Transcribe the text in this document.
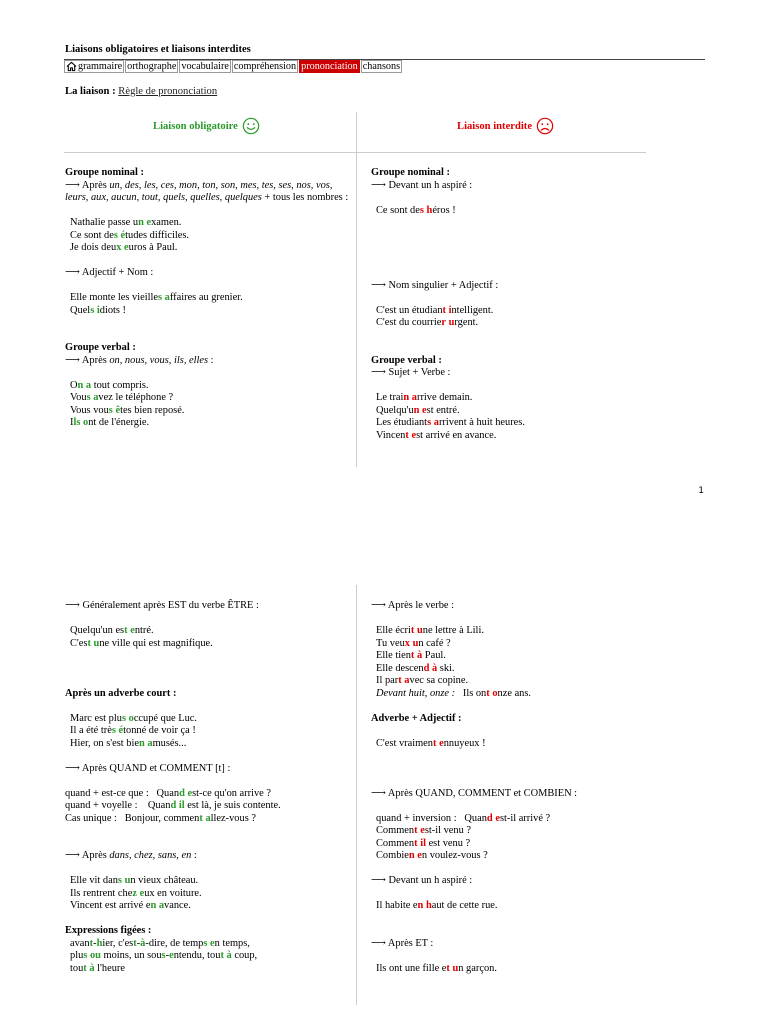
Liaisons obligatoires et liaisons interdites
grammaire orthographe vocabulaire compréhension prononciation chansons
La liaison : Règle de prononciation
Liaison obligatoire	Liaison interdite

Groupe nominal :

⟶ Après un, des, les, ces, mon, ton, son, mes, tes, ses, nos, vos, leurs, aux, aucun, tout, quels, quelles, quelques + tous les nombres :

Nathalie passe un examen.

Ce sont des études difficiles.

Je dois deux euros à Paul.

⟶ Adjectif + Nom :

Elle monte les vieilles affaires au grenier.

Quels idiots !

Groupe verbal :

⟶ Après on, nous, vous, ils, elles :

On a tout compris.

Vous avez le téléphone ?

Vous vous êtes bien reposé.

Ils ont de l'énergie.

Groupe nominal :

⟶ Devant un h aspiré :

Ce sont des héros !

⟶ Nom singulier + Adjectif :

C'est un étudiant intelligent.

C'est du courrier urgent.

Groupe verbal :

⟶ Sujet + Verbe :

Le train arrive demain.

Quelqu'un est entré.

Les étudiants arrivent à huit heures.

Vincent est arrivé en avance.

1

⟶ Généralement après EST du verbe ÊTRE :

Quelqu'un est entré.

C'est une ville qui est magnifique.

Après un adverbe court :

Marc est plus occupé que Luc.

Il a été très étonné de voir ça !

Hier, on s'est bien amusés...

⟶ Après QUAND et COMMENT [t] :

quand + est-ce que :   Quand est-ce qu'on arrive ?

quand + voyelle :    Quand il est là, je suis contente.

Cas unique :   Bonjour, comment allez-vous ?

⟶ Après dans, chez, sans, en :

Elle vit dans un vieux château.

Ils rentrent chez eux en voiture.

Vincent est arrivé en avance.

Expressions figées :

avant-hier, c'est-à-dire, de temps en temps,

plus ou moins, un sous-entendu, tout à coup,

tout à l'heure

⟶ Après le verbe :

Elle écrit une lettre à Lili.

Tu veux un café ?

Elle tient à Paul.

Elle descend à ski.

Il part avec sa copine.

Devant huit, onze :   Ils ont onze ans.

Adverbe + Adjectif :

C'est vraiment ennuyeux !

⟶ Après QUAND, COMMENT et COMBIEN :

quand + inversion :   Quand est-il arrivé ?

Comment est-il venu ?

Comment il est venu ?

Combien en voulez-vous ?

⟶ Devant un h aspiré :

Il habite en haut de cette rue.

⟶ Après ET :

Ils ont une fille et un garçon.
